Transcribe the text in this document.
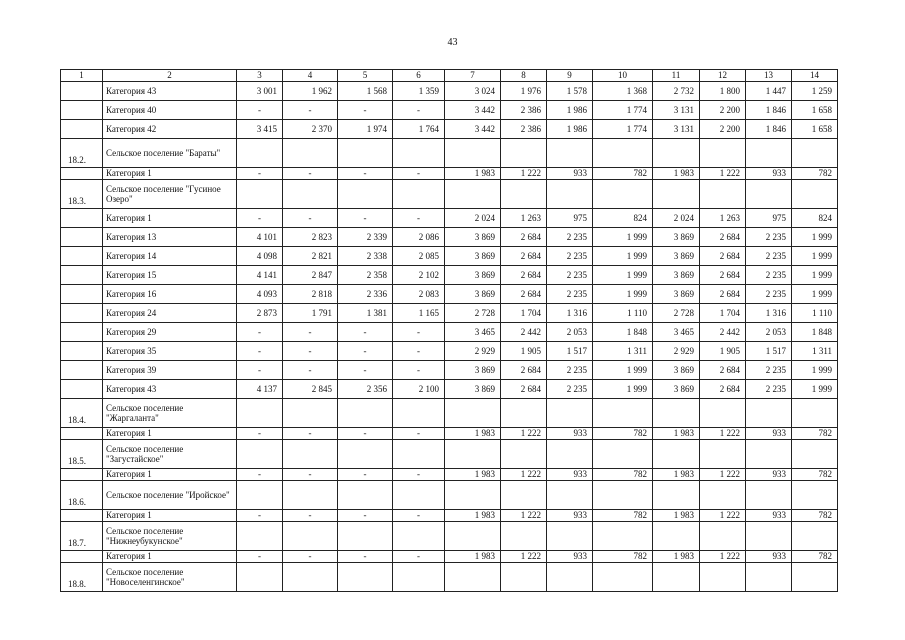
43
1	2	3	4	5	6	7	8	9	10	11	12	13	14
	Категория 43	3 001	1 962	1 568	1 359	3 024	1 976	1 578	1 368	2 732	1 800	1 447	1 259
	Категория 40	-	-	-	-	3 442	2 386	1 986	1 774	3 131	2 200	1 846	1 658
	Категория 42	3 415	2 370	1 974	1 764	3 442	2 386	1 986	1 774	3 131	2 200	1 846	1 658
18.2.	Сельское поселение "Бараты"												
	Категория 1	-	-	-	-	1 983	1 222	933	782	1 983	1 222	933	782
18.3.	Сельское поселение "Гусиное Озеро"												
	Категория 1	-	-	-	-	2 024	1 263	975	824	2 024	1 263	975	824
	Категория 13	4 101	2 823	2 339	2 086	3 869	2 684	2 235	1 999	3 869	2 684	2 235	1 999
	Категория 14	4 098	2 821	2 338	2 085	3 869	2 684	2 235	1 999	3 869	2 684	2 235	1 999
	Категория 15	4 141	2 847	2 358	2 102	3 869	2 684	2 235	1 999	3 869	2 684	2 235	1 999
	Категория 16	4 093	2 818	2 336	2 083	3 869	2 684	2 235	1 999	3 869	2 684	2 235	1 999
	Категория 24	2 873	1 791	1 381	1 165	2 728	1 704	1 316	1 110	2 728	1 704	1 316	1 110
	Категория 29	-	-	-	-	3 465	2 442	2 053	1 848	3 465	2 442	2 053	1 848
	Категория 35	-	-	-	-	2 929	1 905	1 517	1 311	2 929	1 905	1 517	1 311
	Категория 39	-	-	-	-	3 869	2 684	2 235	1 999	3 869	2 684	2 235	1 999
	Категория 43	4 137	2 845	2 356	2 100	3 869	2 684	2 235	1 999	3 869	2 684	2 235	1 999
18.4.	Сельское поселение "Жаргаланта"												
	Категория 1	-	-	-	-	1 983	1 222	933	782	1 983	1 222	933	782
18.5.	Сельское поселение "Загустайское"												
	Категория 1	-	-	-	-	1 983	1 222	933	782	1 983	1 222	933	782
18.6.	Сельское поселение "Иройское"												
	Категория 1	-	-	-	-	1 983	1 222	933	782	1 983	1 222	933	782
18.7.	Сельское поселение "Нижнеубукунское"												
	Категория 1	-	-	-	-	1 983	1 222	933	782	1 983	1 222	933	782
18.8.	Сельское поселение "Новоселенгинское"												
